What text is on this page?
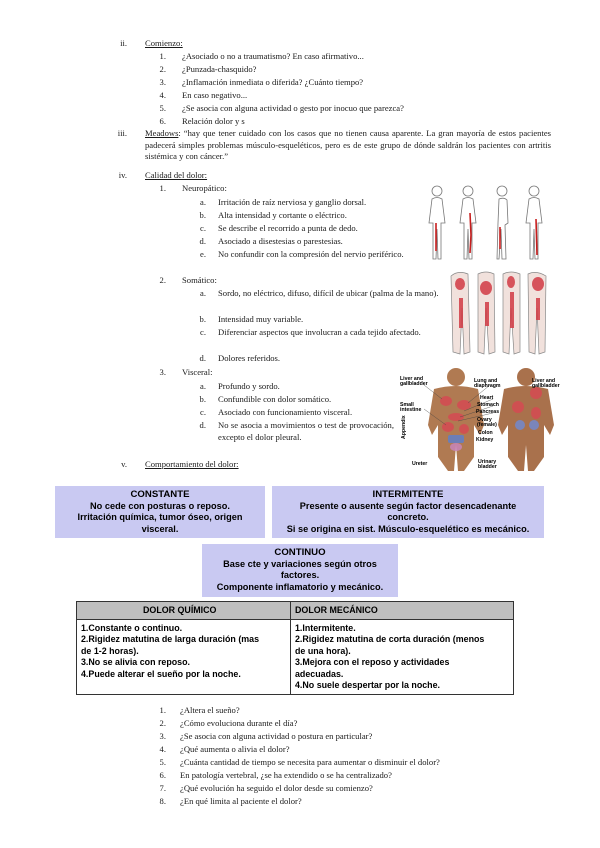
ii. Comienzo:
1. ¿Asociado o no a traumatismo? En caso afirmativo...
2. ¿Punzada-chasquido?
3. ¿Inflamación inmediata o diferida? ¿Cuánto tiempo?
4. En caso negativo...
5. ¿Se asocia con alguna actividad o gesto por inocuo que parezca?
6. Relación dolor y s
iii. Meadows: “hay que tener cuidado con los casos que no tienen causa aparente. La gran mayoría de estos pacientes padecerá simples problemas músculo-esqueléticos, pero es de este grupo de dónde saldrán los pacientes con artritis sistémica y con cáncer.”
iv. Calidad del dolor:
1. Neuropático:
a. Irritación de raíz nerviosa y ganglio dorsal.
b. Alta intensidad y cortante o eléctrico.
c. Se describe el recorrido a punta de dedo.
d. Asociado a disestesias o parestesias.
e. No confundir con la compresión del nervio periférico.
2. Somático:
a. Sordo, no eléctrico, difuso, difícil de ubicar (palma de la mano).
b. Intensidad muy variable.
c. Diferenciar aspectos que involucran a cada tejido afectado.
d. Dolores referidos.
3. Visceral:
a. Profundo y sordo.
b. Confundible con dolor somático.
c. Asociado con funcionamiento visceral.
d. No se asocia a movimientos o test de provocación, excepto el dolor pleural.
Liver and gallbladder
Lung and diaphragm
Liver and gallbladder
Heart
Stomach
Pancreas
Small intestine
Ovary (female)
Colon
Kidney
Appendix
Ureter	Urinary bladder
v. Comportamiento del dolor:
CONSTANTE
No cede con posturas o reposo.
Irritación química, tumor óseo, origen
visceral.
INTERMITENTE
Presente o ausente según factor desencadenante
concreto.
Si se origina en sist. Músculo-esquelético es mecánico.
CONTINUO
Base cte y variaciones según otros
factores.
Componente inflamatorio y mecánico.
DOLOR QUÍMICO	DOLOR MECÁNICO
1.Constante o continuo.
2.Rigidez matutina de larga duración (mas
de 1-2 horas).
3.No se alivia con reposo.
4.Puede alterar el sueño por la noche.
1.Intermitente.
2.Rigidez matutina de corta duración (menos
de una hora).
3.Mejora con el reposo y actividades
adecuadas.
4.No suele despertar por la noche.
1. ¿Altera el sueño?
2. ¿Cómo evoluciona durante el día?
3. ¿Se asocia con alguna actividad o postura en particular?
4. ¿Qué aumenta o alivia el dolor?
5. ¿Cuánta cantidad de tiempo se necesita para aumentar o disminuir el dolor?
6. En patología vertebral, ¿se ha extendido o se ha centralizado?
7. ¿Qué evolución ha seguido el dolor desde su comienzo?
8. ¿En qué limita al paciente el dolor?
